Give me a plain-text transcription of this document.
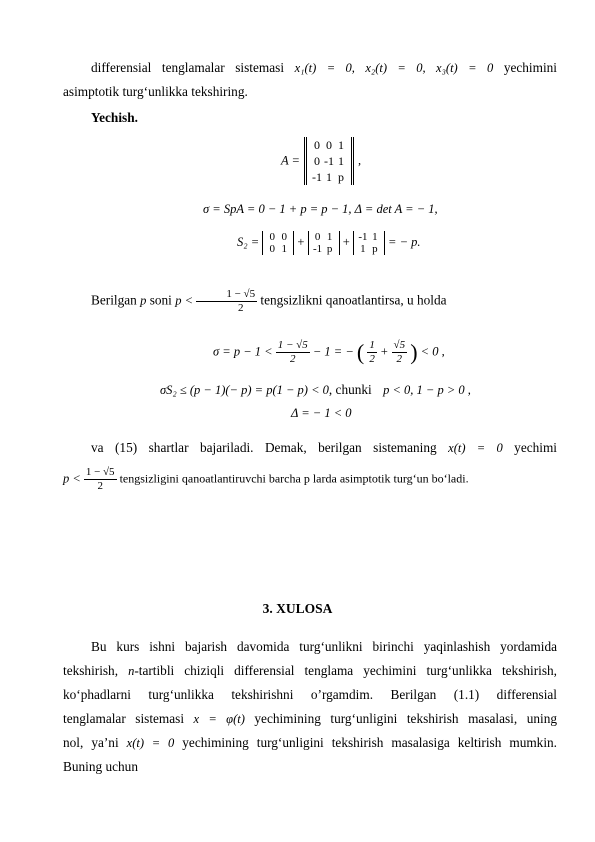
differensial tenglamalar sistemasi x₁(t) = 0, x₂(t) = 0, x₃(t) = 0 yechimini
asimptotik turg‘unlikka tekshiring.
Yechish.
A =
0 0 1
0 -1 1
-1 1 p
,
σ = SpA = 0 − 1 + p = p − 1, Δ = det A = − 1,
S₂ = 0 0
0 1
+ 0 1
-1 p
+ -1 1
1 p
= − p.
Berilgan p soni $p < \frac{1 - √5}{2}$ tengsizlikni qanoatlantirsa, u holda
$\sigma = p - 1 < \frac{1 - √5}{2} - 1$ = − ( $\frac{1}{2} + \frac{√5}{2}$ ) < 0 ,
σS₂ ≤ (p − 1)(− p) = p(1 − p) < 0, chunki p < 0, 1 − p > 0 ,
Δ = − 1 < 0
va (15) shartlar bajariladi. Demak, berilgan sistemaning x(t) = 0 yechimi
$p < \frac{1 - √5}{2}$ tengsizligini qanoatlantiruvchi barcha p larda asimptotik turg‘un bo‘ladi.
3. XULOSA
Bu kurs ishni bajarish davomida turg‘unlikni birinchi yaqinlashish yordamida
tekshirish, n-tartibli chiziqli differensial tenglama yechimini turg‘unlikka tekshirish,
ko‘phadlarni turg‘unlikka tekshirishni o’rgamdim. Berilgan (1.1) differensial
tenglamalar sistemasi x = φ(t) yechimining turg‘unligini tekshirish masalasi, uning
nol, ya’ni x(t) = 0 yechimining turg‘unligini tekshirish masalasiga keltirish mumkin.
Buning uchun
